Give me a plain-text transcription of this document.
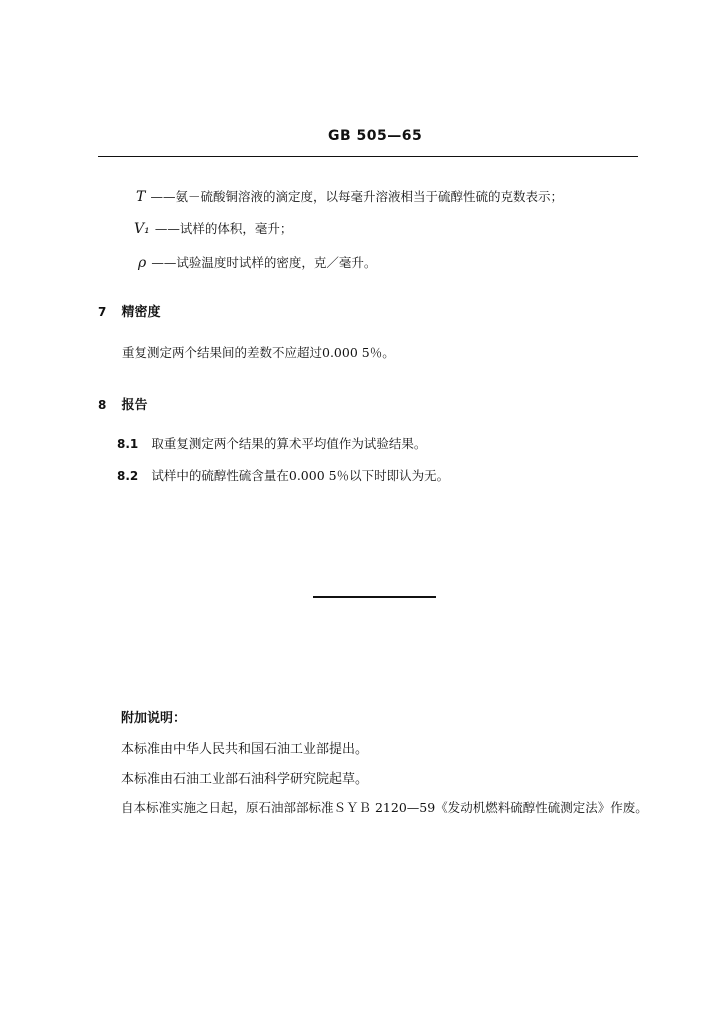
GB 505—65
T ——氨－硫酸铜溶液的滴定度，以每毫升溶液相当于硫醇性硫的克数表示；
V₁ ——试样的体积，毫升；
ρ ——试验温度时试样的密度，克／毫升。
7 精密度
重复测定两个结果间的差数不应超过0.000 5％。
8 报告
8.1 取重复测定两个结果的算术平均值作为试验结果。
8.2 试样中的硫醇性硫含量在0.000 5％以下时即认为无。
附加说明：
本标准由中华人民共和国石油工业部提出。
本标准由石油工业部石油科学研究院起草。
自本标准实施之日起，原石油部部标准ＳＹＢ 2120—59《发动机燃料硫醇性硫测定法》作废。
